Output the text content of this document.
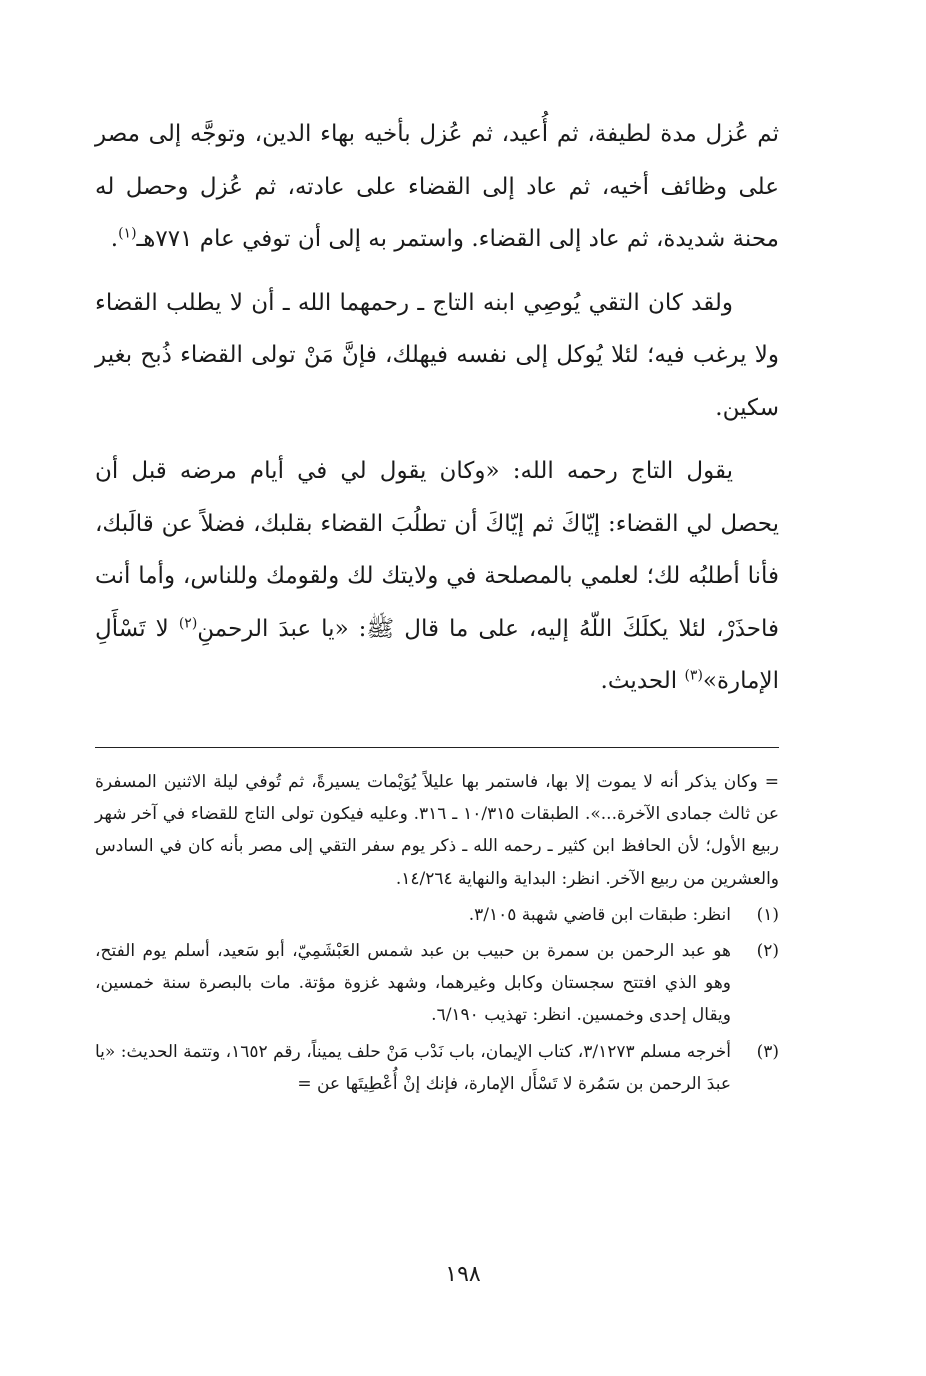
ثم عُزل مدة لطيفة، ثم أُعيد، ثم عُزل بأخيه بهاء الدين، وتوجَّه إلى مصر على وظائف أخيه، ثم عاد إلى القضاء على عادته، ثم عُزل وحصل له محنة شديدة، ثم عاد إلى القضاء. واستمر به إلى أن توفي عام ٧٧١هـ$^{(١)}$.

ولقد كان التقي يُوصِي ابنه التاج ـ رحمهما الله ـ أن لا يطلب القضاء ولا يرغب فيه؛ لئلا يُوكل إلى نفسه فيهلك، فإنَّ مَنْ تولى القضاء ذُبح بغير سكين.

يقول التاج رحمه الله: «وكان يقول لي في أيام مرضه قبل أن يحصل لي القضاء: إيّاكَ ثم إيّاكَ أن تطلُبَ القضاء بقلبك، فضلاً عن قالَبك، فأنا أطلبُه لك؛ لعلمي بالمصلحة في ولايتك لك ولقومك وللناس، وأما أنت فاحذَرْ، لئلا يكلَكَ اللّهُ إليه، على ما قال ﷺ: «يا عبدَ الرحمنِ$^{(٢)}$ لا تَسْأَلِ الإمارة»$^{(٣)}$ الحديث.

= وكان يذكر أنه لا يموت إلا بها، فاستمر بها عليلاً يُوَيْمات يسيرةً، ثم تُوفي ليلة الاثنين المسفرة عن ثالث جمادى الآخرة...». الطبقات ١٠/٣١٥ ـ ٣١٦. وعليه فيكون تولى التاج للقضاء في آخر شهر ربيع الأول؛ لأن الحافظ ابن كثير ـ رحمه الله ـ ذكر يوم سفر التقي إلى مصر بأنه كان في السادس والعشرين من ربيع الآخر. انظر: البداية والنهاية ١٤/٢٦٤.
(١)
انظر: طبقات ابن قاضي شهبة ٣/١٠٥.
(٢)
هو عبد الرحمن بن سمرة بن حبيب بن عبد شمس العَبْشَمِيّ، أبو سَعيد، أسلم يوم الفتح، وهو الذي افتتح سجستان وكابل وغيرهما، وشهد غزوة مؤتة. مات بالبصرة سنة خمسين، ويقال إحدى وخمسين. انظر: تهذيب ٦/١٩٠.
(٣)
أخرجه مسلم ٣/١٢٧٣، كتاب الإيمان، باب نَدْب مَنْ حلف يميناً، رقم ١٦٥٢، وتتمة الحديث: «يا عبدَ الرحمن بن سَمُرة لا تَسْأَل الإمارة، فإنك إنْ أُعْطِيتَها عن =
١٩٨
